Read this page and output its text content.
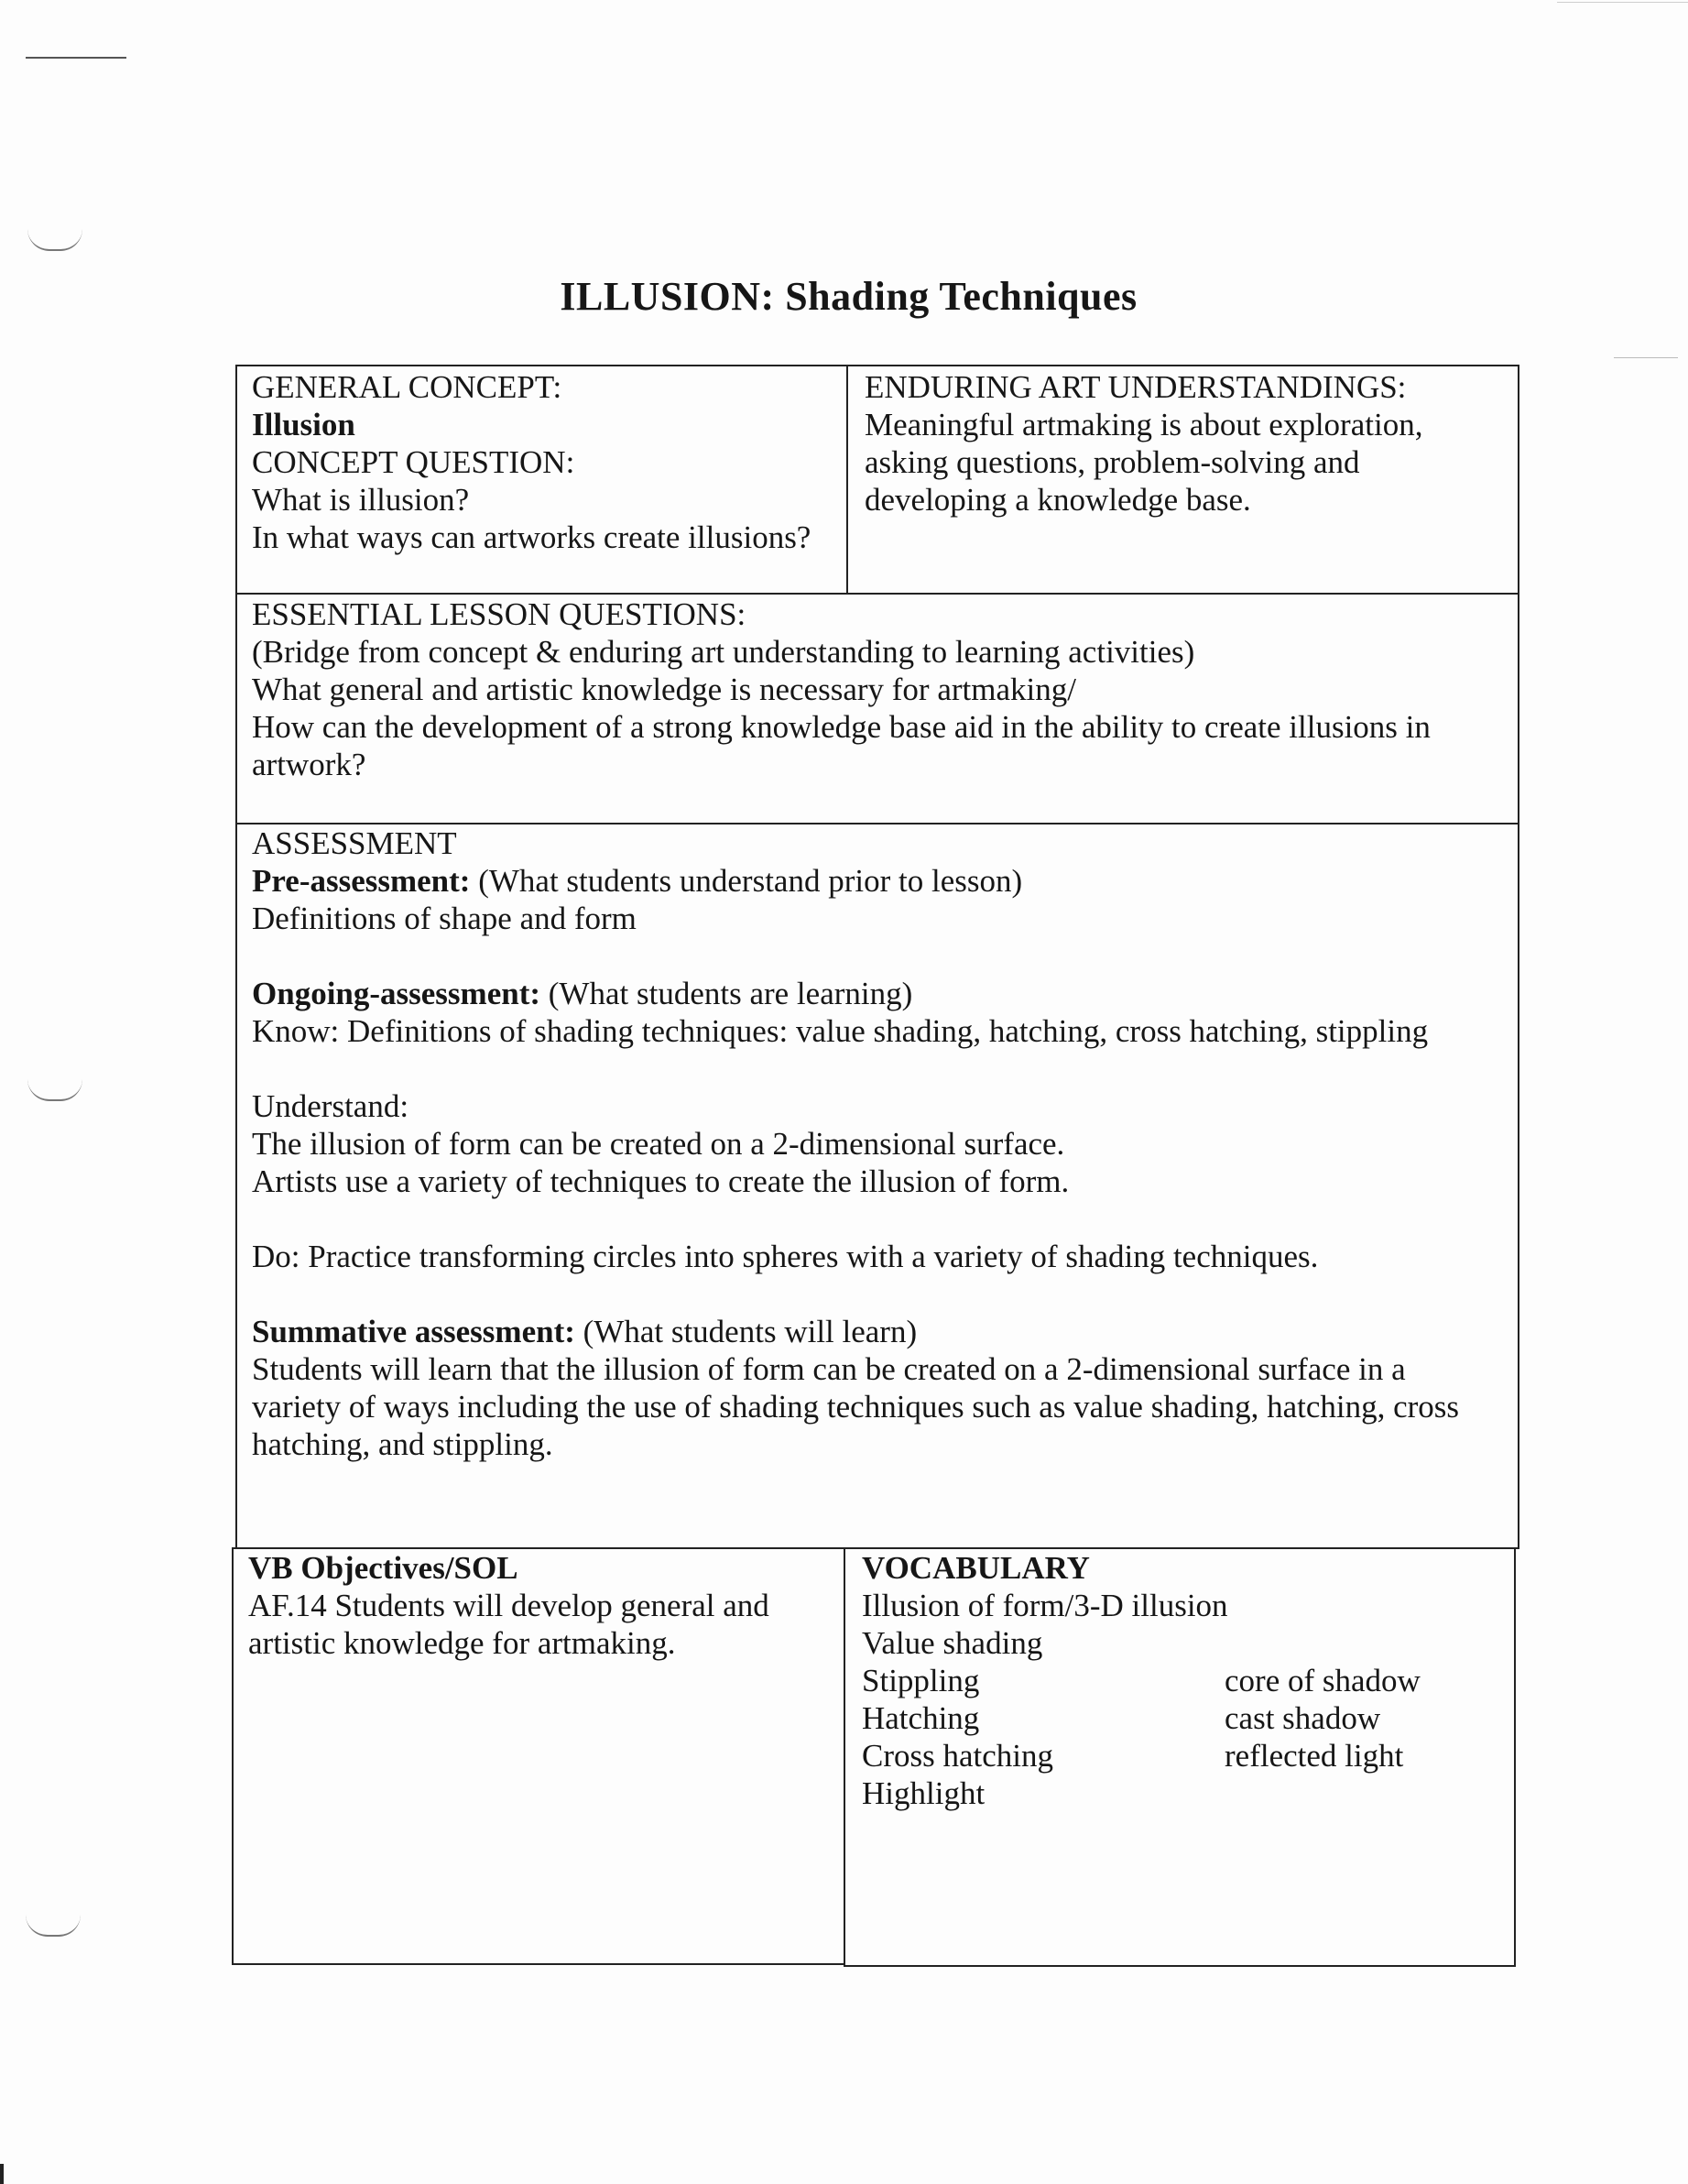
ILLUSION: Shading Techniques
GENERAL CONCEPT:
Illusion
CONCEPT QUESTION:
What is illusion?
In what ways can artworks create illusions?
ENDURING ART UNDERSTANDINGS:
Meaningful artmaking is about exploration,
asking questions, problem-solving and
developing a knowledge base.
ESSENTIAL LESSON QUESTIONS:
(Bridge from concept & enduring art understanding to learning activities)
What general and artistic knowledge is necessary for artmaking/
How can the development of a strong knowledge base aid in the ability to create illusions in
artwork?
ASSESSMENT
Pre-assessment: (What students understand prior to lesson)
Definitions of shape and form
Ongoing-assessment: (What students are learning)
Know: Definitions of shading techniques: value shading, hatching, cross hatching, stippling
Understand:
The illusion of form can be created on a 2-dimensional surface.
Artists use a variety of techniques to create the illusion of form.
Do: Practice transforming circles into spheres with a variety of shading techniques.
Summative assessment: (What students will learn)
Students will learn that the illusion of form can be created on a 2-dimensional surface in a
variety of ways including the use of shading techniques such as value shading, hatching, cross
hatching, and stippling.
VB Objectives/SOL
AF.14 Students will develop general and
artistic knowledge for artmaking.
VOCABULARY
Illusion of form/3-D illusion
Value shading
Stippling
Hatching
Cross hatching
Highlight
core of shadow
cast shadow
reflected light
